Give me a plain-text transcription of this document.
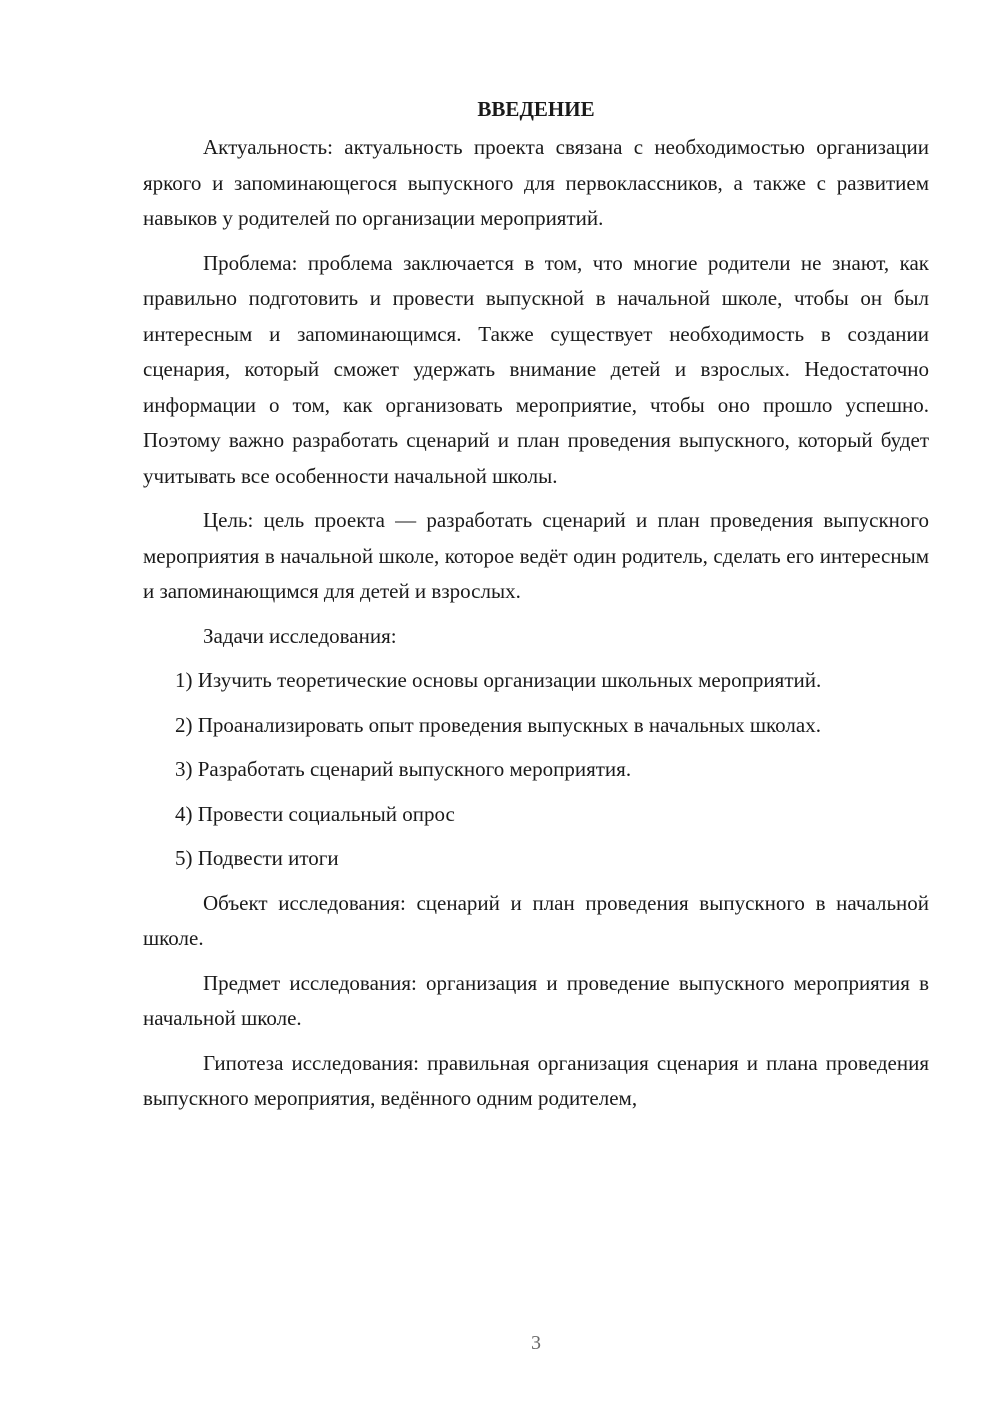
ВВЕДЕНИЕ

Актуальность: актуальность проекта связана с необходимостью организации яркого и запоминающегося выпускного для первоклассников, а также с развитием навыков у родителей по организации мероприятий.

Проблема: проблема заключается в том, что многие родители не знают, как правильно подготовить и провести выпускной в начальной школе, чтобы он был интересным и запоминающимся. Также существует необходимость в создании сценария, который сможет удержать внимание детей и взрослых. Недостаточно информации о том, как организовать мероприятие, чтобы оно прошло успешно. Поэтому важно разработать сценарий и план проведения выпускного, который будет учитывать все особенности начальной школы.

Цель: цель проекта — разработать сценарий и план проведения выпускного мероприятия в начальной школе, которое ведёт один родитель, сделать его интересным и запоминающимся для детей и взрослых.

Задачи исследования:

1) Изучить теоретические основы организации школьных мероприятий.

2) Проанализировать опыт проведения выпускных в начальных школах.

3) Разработать сценарий выпускного мероприятия.

4) Провести социальный опрос

5) Подвести итоги

Объект исследования: сценарий и план проведения выпускного в начальной школе.

Предмет исследования: организация и проведение выпускного мероприятия в начальной школе.

Гипотеза исследования: правильная организация сценария и плана проведения выпускного мероприятия, ведённого одним родителем,

3
